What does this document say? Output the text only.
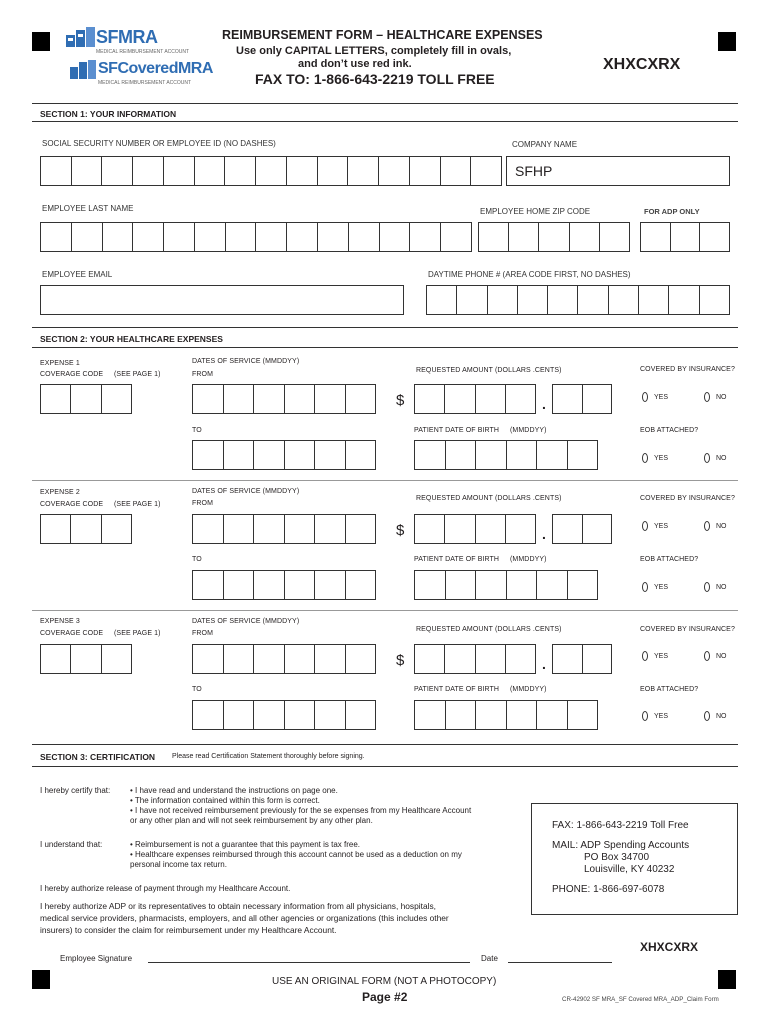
SFMRA
MEDICAL REIMBURSEMENT ACCOUNT
SFCoveredMRA
MEDICAL REIMBURSEMENT ACCOUNT
REIMBURSEMENT FORM – HEALTHCARE EXPENSES
Use only CAPITAL LETTERS, completely fill in ovals,
and don’t use red ink.
FAX TO: 1-866-643-2219 TOLL FREE
XHXCXRX
SECTION 1: YOUR INFORMATION
SOCIAL SECURITY NUMBER OR EMPLOYEE ID (NO DASHES)	COMPANY NAME
SFHP
EMPLOYEE LAST NAME	EMPLOYEE HOME ZIP CODE	FOR ADP ONLY
EMPLOYEE EMAIL	DAYTIME PHONE # (AREA CODE FIRST, NO DASHES)
SECTION 2: YOUR HEALTHCARE EXPENSES
EXPENSE 1
COVERAGE CODE (SEE PAGE 1)
DATES OF SERVICE (MMDDYY)
FROM
REQUESTED AMOUNT (DOLLARS .CENTS)	COVERED BY INSURANCE?
$	.	YES	NO
TO	PATIENT DATE OF BIRTH (MMDDYY)	EOB ATTACHED?
YES	NO
EXPENSE 2
COVERAGE CODE (SEE PAGE 1)
DATES OF SERVICE (MMDDYY)
FROM
REQUESTED AMOUNT (DOLLARS .CENTS)	COVERED BY INSURANCE?
$	.	YES	NO
TO	PATIENT DATE OF BIRTH (MMDDYY)	EOB ATTACHED?
YES	NO
EXPENSE 3
COVERAGE CODE (SEE PAGE 1)
DATES OF SERVICE (MMDDYY)
FROM
REQUESTED AMOUNT (DOLLARS .CENTS)	COVERED BY INSURANCE?
$	.	YES	NO
TO	PATIENT DATE OF BIRTH (MMDDYY)	EOB ATTACHED?
YES	NO
SECTION 3: CERTIFICATION Please read Certification Statement thoroughly before signing.
I hereby certify that: • I have read and understand the instructions on page one.
• The information contained within this form is correct.
• I have not received reimbursement previously for the se expenses from my Healthcare Account
or any other plan and will not seek reimbursement by any other plan.
I understand that:	• Reimbursement is not a guarantee that this payment is tax free.
• Healthcare expenses reimbursed through this account cannot be used as a deduction on my
personal income tax return.
I hereby authorize release of payment through my Healthcare Account.
I hereby authorize ADP or its representatives to obtain necessary information from all physicians, hospitals,
medical service providers, pharmacists, employers, and all other agencies or organizations (this includes other
insurers) to consider the claim for reimbursement under my Healthcare Account.
FAX: 1-866-643-2219 Toll Free
MAIL: ADP Spending Accounts
PO Box 34700
Louisville, KY 40232
PHONE: 1-866-697-6078
XHXCXRX
Employee Signature	Date
USE AN ORIGINAL FORM (NOT A PHOTOCOPY)
Page #2	CR-42902 SF MRA_SF Covered MRA_ADP_Claim Form
